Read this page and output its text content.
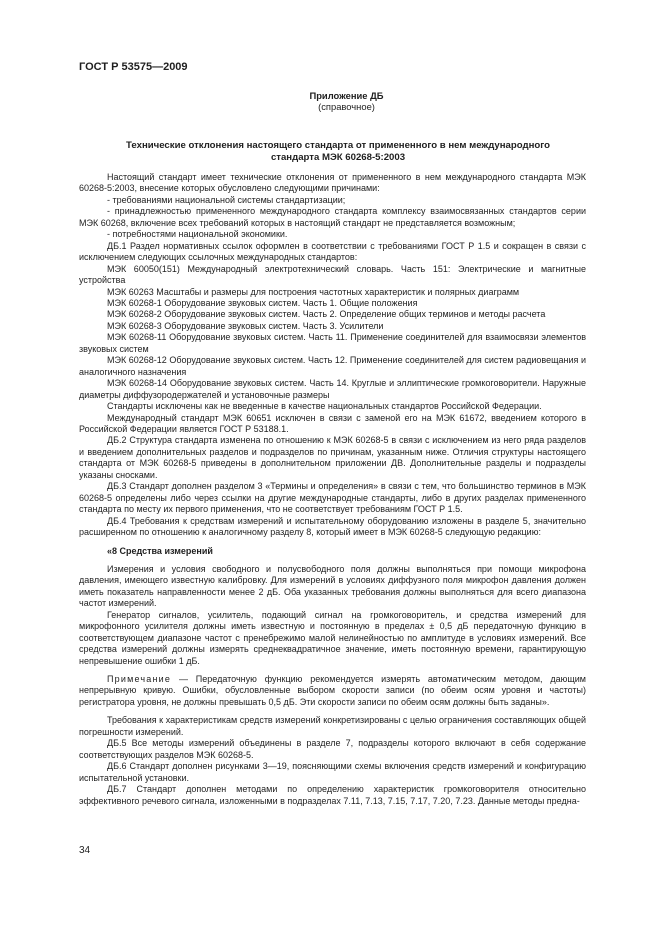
ГОСТ Р 53575—2009
Приложение ДБ
(справочное)
Технические отклонения настоящего стандарта от примененного в нем международного
стандарта МЭК 60268-5:2003

Настоящий стандарт имеет технические отклонения от примененного в нем международного стандарта МЭК 60268-5:2003, внесение которых обусловлено следующими причинами:

- требованиями национальной системы стандартизации;

- принадлежностью примененного международного стандарта комплексу взаимосвязанных стандартов серии МЭК 60268, включение всех требований которых в настоящий стандарт не представляется возможным;

- потребностями национальной экономики.

ДБ.1 Раздел нормативных ссылок оформлен в соответствии с требованиями ГОСТ Р 1.5 и сокращен в связи с исключением следующих ссылочных международных стандартов:

МЭК 60050(151) Международный электротехнический словарь. Часть 151: Электрические и магнитные устройства

МЭК 60263 Масштабы и размеры для построения частотных характеристик и полярных диаграмм

МЭК 60268-1 Оборудование звуковых систем. Часть 1. Общие положения

МЭК 60268-2 Оборудование звуковых систем. Часть 2. Определение общих терминов и методы расчета

МЭК 60268-3 Оборудование звуковых систем. Часть 3. Усилители

МЭК 60268-11 Оборудование звуковых систем. Часть 11. Применение соединителей для взаимосвязи элементов звуковых систем

МЭК 60268-12 Оборудование звуковых систем. Часть 12. Применение соединителей для систем радиовещания и аналогичного назначения

МЭК 60268-14 Оборудование звуковых систем. Часть 14. Круглые и эллиптические громкоговорители. Наружные диаметры диффузородержателей и установочные размеры

Стандарты исключены как не введенные в качестве национальных стандартов Российской Федерации.

Международный стандарт МЭК 60651 исключен в связи с заменой его на МЭК 61672, введением которого в Российской Федерации является ГОСТ Р 53188.1.

ДБ.2 Структура стандарта изменена по отношению к МЭК 60268-5 в связи с исключением из него ряда разделов и введением дополнительных разделов и подразделов по причинам, указанным ниже. Отличия структуры настоящего стандарта от МЭК 60268-5 приведены в дополнительном приложении ДВ. Дополнительные разделы и подразделы указаны сносками.

ДБ.3 Стандарт дополнен разделом 3 «Термины и определения» в связи с тем, что большинство терминов в МЭК 60268-5 определены либо через ссылки на другие международные стандарты, либо в других разделах примененного стандарта по месту их первого применения, что не соответствует требованиям ГОСТ Р 1.5.

ДБ.4 Требования к средствам измерений и испытательному оборудованию изложены в разделе 5, значительно расширенном по отношению к аналогичному разделу 8, который имеет в МЭК 60268-5 следующую редакцию:

«8 Средства измерений

Измерения и условия свободного и полусвободного поля должны выполняться при помощи микрофона давления, имеющего известную калибровку. Для измерений в условиях диффузного поля микрофон давления должен иметь показатель направленности менее 2 дБ. Оба указанных требования должны выполняться для всего диапазона частот измерений.

Генератор сигналов, усилитель, подающий сигнал на громкоговоритель, и средства измерений для микрофонного усилителя должны иметь известную и постоянную в пределах ± 0,5 дБ передаточную функцию в соответствующем диапазоне частот с пренебрежимо малой нелинейностью по амплитуде в условиях измерений. Все средства измерений должны измерять среднеквадратичное значение, иметь постоянную времени, гарантирующую непревышение ошибки 1 дБ.

Примечание — Передаточную функцию рекомендуется измерять автоматическим методом, дающим непрерывную кривую. Ошибки, обусловленные выбором скорости записи (по обеим осям уровня и частоты) регистратора уровня, не должны превышать 0,5 дБ. Эти скорости записи по обеим осям должны быть заданы».

Требования к характеристикам средств измерений конкретизированы с целью ограничения составляющих общей погрешности измерений.

ДБ.5 Все методы измерений объединены в разделе 7, подразделы которого включают в себя содержание соответствующих разделов МЭК 60268-5.

ДБ.6 Стандарт дополнен рисунками 3—19, поясняющими схемы включения средств измерений и конфигурацию испытательной установки.

ДБ.7 Стандарт дополнен методами по определению характеристик громкоговорителя относительно эффективного речевого сигнала, изложенными в подразделах 7.11, 7.13, 7.15, 7.17, 7.20, 7.23. Данные методы предна-

34
